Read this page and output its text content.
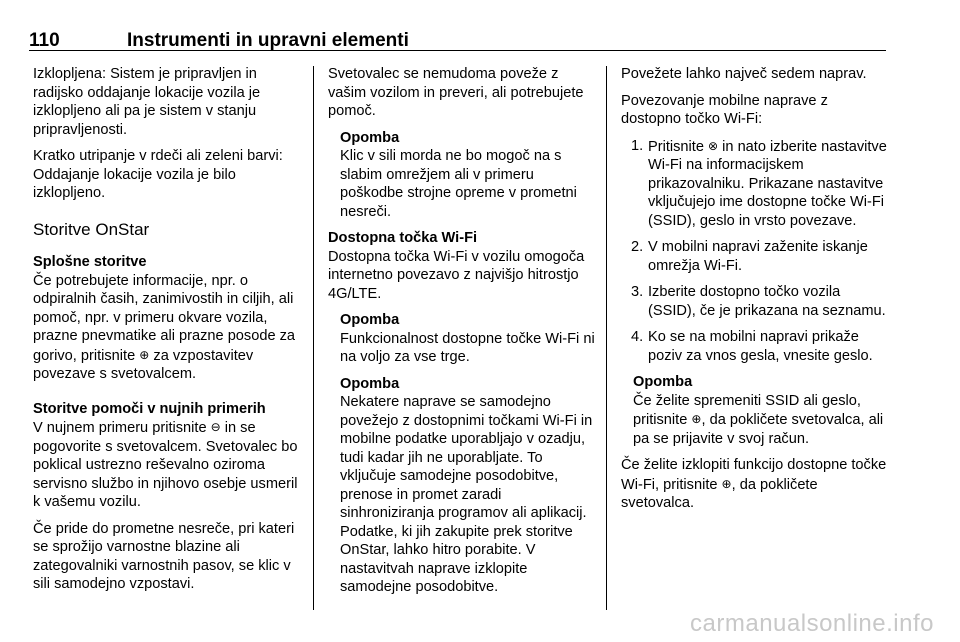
110	Instrumenti in upravni elementi

Izklopljena: Sistem je pripravljen in radijsko oddajanje lokacije vozila je izklopljeno ali pa je sistem v stanju pripravljenosti.

Kratko utripanje v rdeči ali zeleni barvi: Oddajanje lokacije vozila je bilo izklopljeno.

Storitve OnStar

Splošne storitve
Če potrebujete informacije, npr. o odpiralnih časih, zanimivostih in ciljih, ali pomoč, npr. v primeru okvare vozila, prazne pnevmatike ali prazne posode za gorivo, pritisnite ⊕ za vzpostavitev povezave s svetovalcem.

Storitve pomoči v nujnih primerih
V nujnem primeru pritisnite ⊖ in se pogovorite s svetovalcem. Svetovalec bo poklical ustrezno reševalno oziroma servisno službo in njihovo osebje usmeril k vašemu vozilu.

Če pride do prometne nesreče, pri kateri se sprožijo varnostne blazine ali zategovalniki varnostnih pasov, se klic v sili samodejno vzpostavi.

Svetovalec se nemudoma poveže z vašim vozilom in preveri, ali potrebujete pomoč.

Opomba
Klic v sili morda ne bo mogoč na s slabim omrežjem ali v primeru poškodbe strojne opreme v prometni nesreči.

Dostopna točka Wi-Fi
Dostopna točka Wi-Fi v vozilu omogoča internetno povezavo z najvišjo hitrostjo 4G/LTE.

Opomba
Funkcionalnost dostopne točke Wi-Fi ni na voljo za vse trge.
Opomba
Nekatere naprave se samodejno povežejo z dostopnimi točkami Wi-Fi in mobilne podatke uporabljajo v ozadju, tudi kadar jih ne uporabljate. To vključuje samodejne posodobitve, prenose in promet zaradi sinhroniziranja programov ali aplikacij. Podatke, ki jih zakupite prek storitve OnStar, lahko hitro porabite. V nastavitvah naprave izklopite samodejne posodobitve.

Povežete lahko največ sedem naprav.

Povezovanje mobilne naprave z dostopno točko Wi-Fi:

1. Pritisnite ⊗ in nato izberite nastavitve Wi-Fi na informacijskem prikazovalniku. Prikazane nastavitve vključujejo ime dostopne točke Wi-Fi (SSID), geslo in vrsto povezave.
2. V mobilni napravi zaženite iskanje omrežja Wi-Fi.
3. Izberite dostopno točko vozila (SSID), če je prikazana na seznamu.
4. Ko se na mobilni napravi prikaže poziv za vnos gesla, vnesite geslo.
Opomba
Če želite spremeniti SSID ali geslo, pritisnite ⊕, da pokličete svetovalca, ali pa se prijavite v svoj račun.

Če želite izklopiti funkcijo dostopne točke Wi-Fi, pritisnite ⊕, da pokličete svetovalca.

carmanualsonline.info
